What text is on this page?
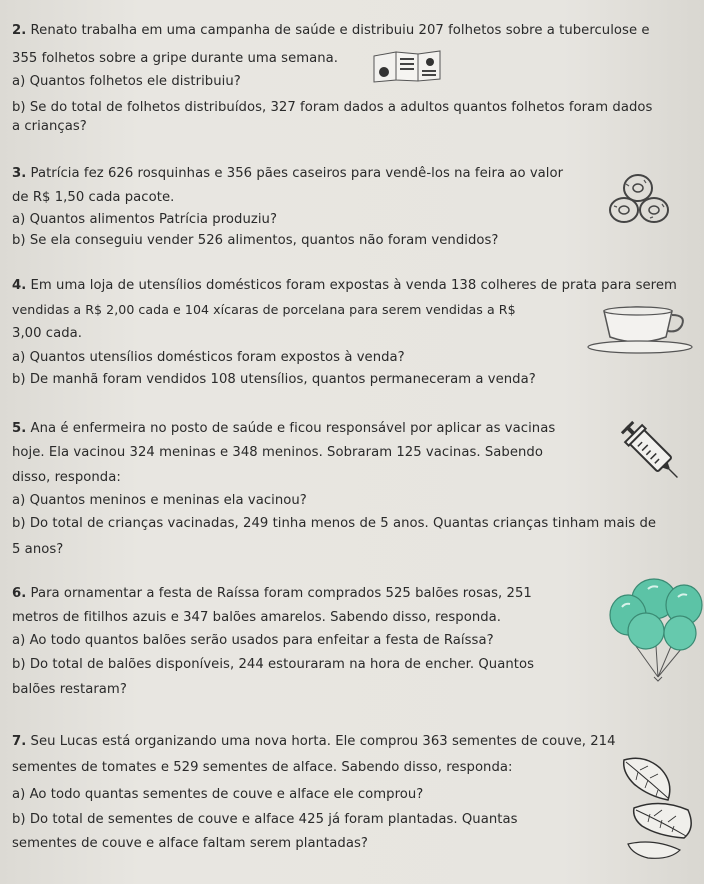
2. Renato trabalha em uma campanha de saúde e distribuiu 207 folhetos sobre a tuberculose e
355 folhetos sobre a gripe durante uma semana.
a) Quantos folhetos ele distribuiu?
b) Se do total de folhetos distribuídos, 327 foram dados a adultos quantos folhetos foram dados
a crianças?
3. Patrícia fez 626 rosquinhas e 356 pães caseiros para vendê-los na feira ao valor
de R$ 1,50 cada pacote.
a) Quantos alimentos Patrícia produziu?
b) Se ela conseguiu vender 526 alimentos, quantos não foram vendidos?
4. Em uma loja de utensílios domésticos foram expostas à venda 138 colheres de prata para serem
vendidas a R$ 2,00 cada e 104 xícaras de porcelana para serem vendidas a R$
3,00 cada.
a) Quantos utensílios domésticos foram expostos à venda?
b) De manhã foram vendidos 108 utensílios, quantos permaneceram a venda?
5. Ana é enfermeira no posto de saúde e ficou responsável por aplicar as vacinas
hoje. Ela vacinou 324 meninas e 348 meninos. Sobraram 125 vacinas. Sabendo
disso, responda:
a) Quantos meninos e meninas ela vacinou?
b) Do total de crianças vacinadas, 249 tinha menos de 5 anos. Quantas crianças tinham mais de
5 anos?
6. Para ornamentar a festa de Raíssa foram comprados 525 balões rosas, 251
metros de fitilhos azuis e 347 balões amarelos. Sabendo disso, responda.
a) Ao todo quantos balões serão usados para enfeitar a festa de Raíssa?
b) Do total de balões disponíveis, 244 estouraram na hora de encher. Quantos
balões restaram?
7. Seu Lucas está organizando uma nova horta. Ele comprou 363 sementes de couve, 214
sementes de tomates e 529 sementes de alface. Sabendo disso, responda:
a) Ao todo quantas sementes de couve e alface ele comprou?
b) Do total de sementes de couve e alface 425 já foram plantadas. Quantas
sementes de couve e alface faltam serem plantadas?
